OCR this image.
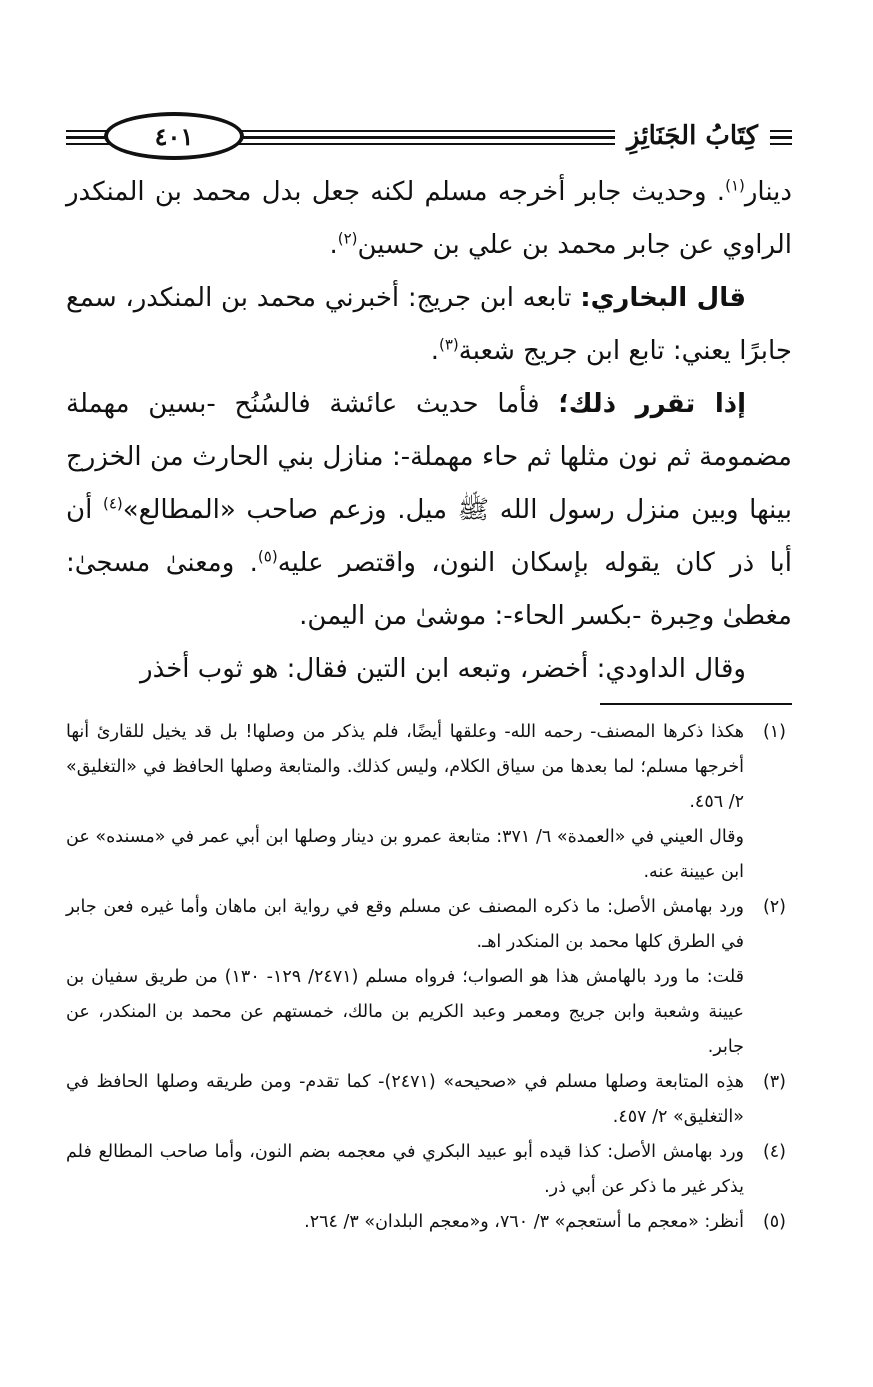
٤٠١	كِتَابُ الجَنَائِزِ

دينار$^{(١)}$. وحديث جابر أخرجه مسلم لكنه جعل بدل محمد بن المنكدر الراوي عن جابر محمد بن علي بن حسين$^{(٢)}$.

قال البخاري: تابعه ابن جريج: أخبرني محمد بن المنكدر، سمع جابرًا يعني: تابع ابن جريج شعبة$^{(٣)}$.

إذا تقرر ذلك؛ فأما حديث عائشة فالسُنُح -بسين مهملة مضمومة ثم نون مثلها ثم حاء مهملة-: منازل بني الحارث من الخزرج بينها وبين منزل رسول الله ﷺ ميل. وزعم صاحب «المطالع»$^{(٤)}$ أن أبا ذر كان يقوله بإسكان النون، واقتصر عليه$^{(٥)}$. ومعنىٰ مسجىٰ: مغطىٰ وحِبرة -بكسر الحاء-: موشىٰ من اليمن.

وقال الداودي: أخضر، وتبعه ابن التين فقال: هو ثوب أخذر

(١)

هكذا ذكرها المصنف- رحمه الله- وعلقها أيضًا، فلم يذكر من وصلها! بل قد يخيل للقارئ أنها أخرجها مسلم؛ لما بعدها من سياق الكلام، وليس كذلك. والمتابعة وصلها الحافظ في «التغليق» ٢/ ٤٥٦.

وقال العيني في «العمدة» ٦/ ٣٧١: متابعة عمرو بن دينار وصلها ابن أبي عمر في «مسنده» عن ابن عيينة عنه.

(٢)

ورد بهامش الأصل: ما ذكره المصنف عن مسلم وقع في رواية ابن ماهان وأما غيره فعن جابر في الطرق كلها محمد بن المنكدر اهـ.

قلت: ما ورد بالهامش هذا هو الصواب؛ فرواه مسلم (٢٤٧١/ ١٢٩- ١٣٠) من طريق سفيان بن عيينة وشعبة وابن جريج ومعمر وعبد الكريم بن مالك، خمستهم عن محمد بن المنكدر، عن جابر.

(٣)

هذِه المتابعة وصلها مسلم في «صحيحه» (٢٤٧١)- كما تقدم- ومن طريقه وصلها الحافظ في «التغليق» ٢/ ٤٥٧.

(٤)

ورد بهامش الأصل: كذا قيده أبو عبيد البكري في معجمه بضم النون، وأما صاحب المطالع فلم يذكر غير ما ذكر عن أبي ذر.

(٥)

أنظر: «معجم ما أستعجم» ٣/ ٧٦٠، و«معجم البلدان» ٣/ ٢٦٤.
